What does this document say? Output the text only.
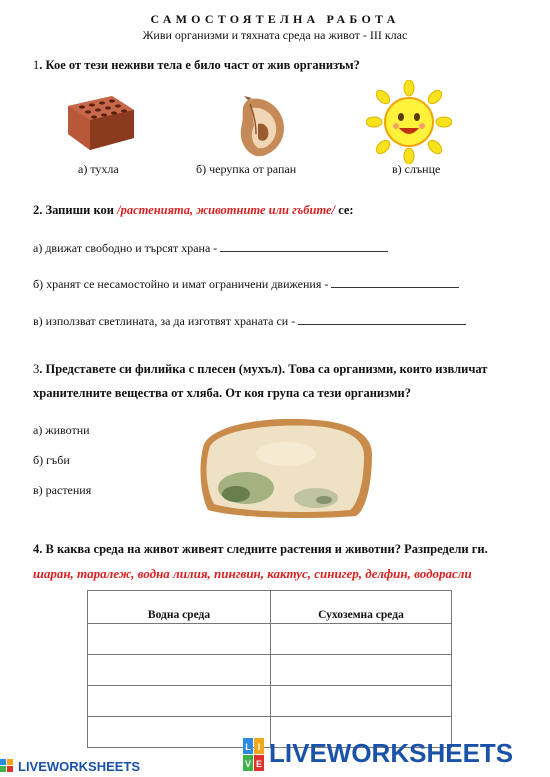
САМОСТОЯТЕЛНА РАБОТА
Живи организми и тяхната среда на живот - III клас
1. Кое от тези неживи тела е било част от жив организъм?
а) тухла	б) черупка от рапан	в) слънце
2. Запиши кои /растенията, животните или гъбите/ се:
а) движат свободно и търсят храна -
б) хранят се несамостойно и имат ограничени движения -
в) използват светлината, за да изготвят храната си -
3. Представете си филийка с плесен (мухъл). Това са организми, които извличат
хранителните вещества от хляба. От коя група са тези организми?
а) животни
б) гъби
в) растения
4. В каква среда на живот живеят следните растения и животни? Разпредели ги.
шаран, таралеж, водна лилия, пингвин, кактус, синигер, делфин, водорасли
Водна среда	Сухоземна среда

LIVEWORKSHEETS
L I
V E LIVEWORKSHEETS
